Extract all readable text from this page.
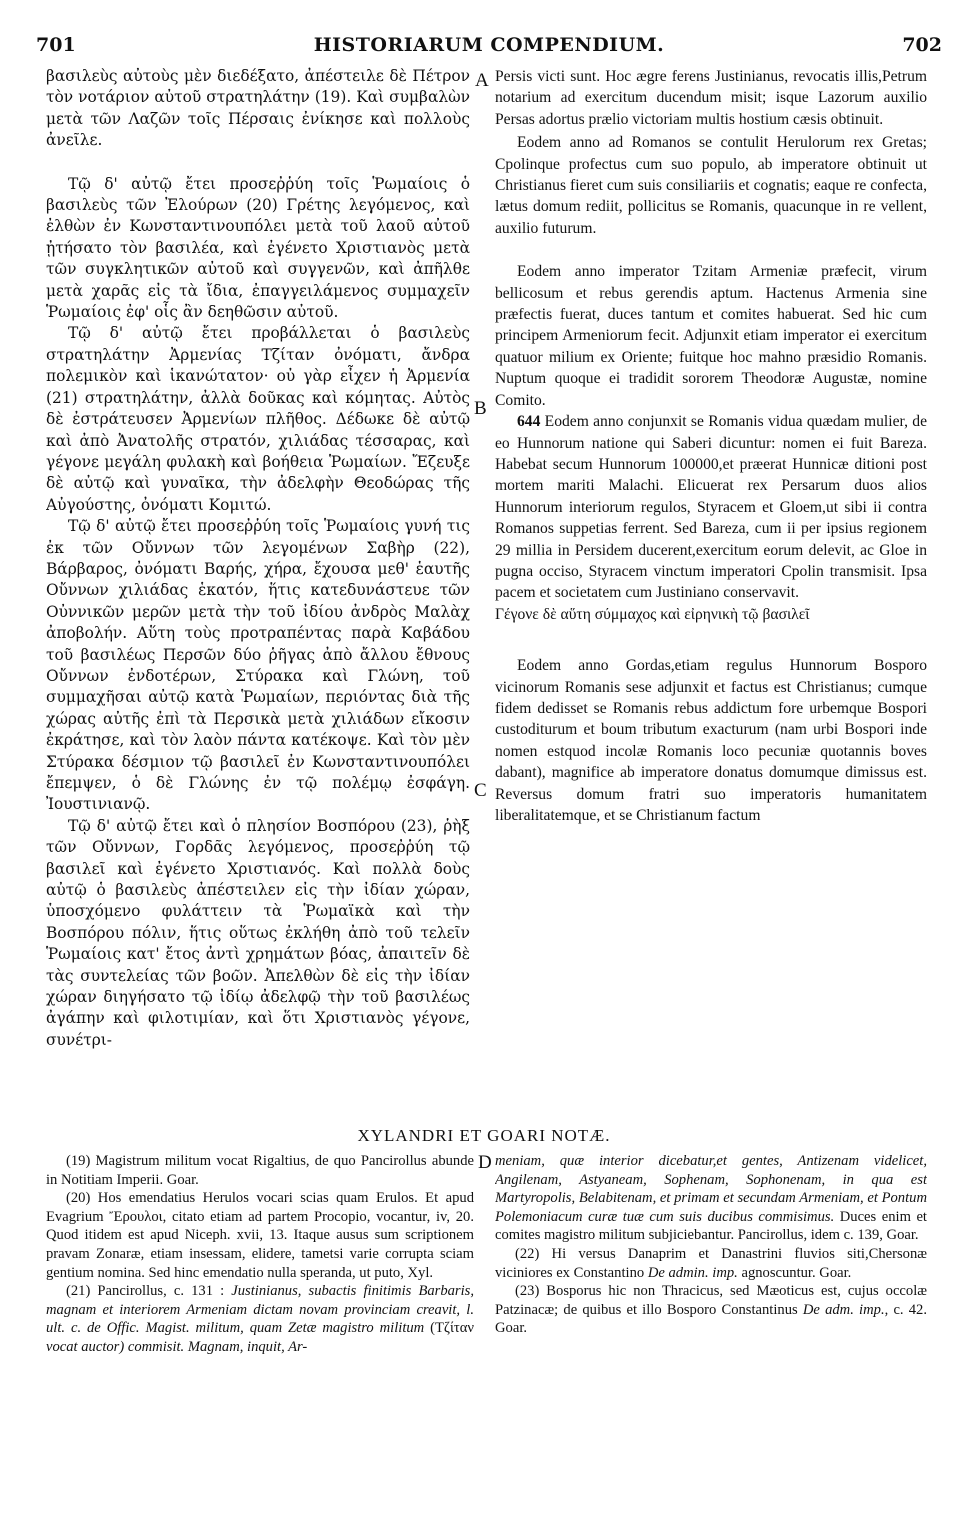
701	HISTORIARUM COMPENDIUM.	702
A
B
C
D

βασιλεὺς αὐτοὺς μὲν διεδέξατο, ἀπέστειλε δὲ Πέτρον τὸν νοτάριον αὐτοῦ στρατηλάτην (19). Καὶ συμβαλὼν μετὰ τῶν Λαζῶν τοῖς Πέρσαις ἐνίκησε καὶ πολλοὺς ἀνεῖλε.

Τῷ δ' αὐτῷ ἔτει προσεῤῥύη τοῖς Ῥωμαίοις ὁ βασιλεὺς τῶν Ἐλούρων (20) Γρέτης λεγόμενος, καὶ ἐλθὼν ἐν Κωνσταντινουπόλει μετὰ τοῦ λαοῦ αὐτοῦ ᾐτήσατο τὸν βασιλέα, καὶ ἐγένετο Χριστιανὸς μετὰ τῶν συγκλητικῶν αὐτοῦ καὶ συγγενῶν, καὶ ἀπῆλθε μετὰ χαρᾶς εἰς τὰ ἴδια, ἐπαγγειλάμενος συμμαχεῖν Ῥωμαίοις ἐφ' οἷς ἂν δεηθῶσιν αὐτοῦ.

Τῷ δ' αὐτῷ ἔτει προβάλλεται ὁ βασιλεὺς στρατηλάτην Ἀρμενίας Τζίταν ὀνόματι, ἄνδρα πολεμικὸν καὶ ἱκανώτατον· οὐ γὰρ εἶχεν ἡ Ἀρμενία (21) στρατηλάτην, ἀλλὰ δοῦκας καὶ κόμητας. Αὐτὸς δὲ ἐστράτευσεν Ἀρμενίων πλῆθος. Δέδωκε δὲ αὐτῷ καὶ ἀπὸ Ἀνατολῆς στρατόν, χιλιάδας τέσσαρας, καὶ γέγονε μεγάλη φυλακὴ καὶ βοήθεια Ῥωμαίων. Ἔζευξε δὲ αὐτῷ καὶ γυναῖκα, τὴν ἀδελφὴν Θεοδώρας τῆς Αὐγούστης, ὀνόματι Κομιτώ.

Τῷ δ' αὐτῷ ἔτει προσεῤῥύη τοῖς Ῥωμαίοις γυνή τις ἐκ τῶν Οὔννων τῶν λεγομένων Σαβὴρ (22), Βάρβαρος, ὀνόματι Βαρής, χήρα, ἔχουσα μεθ' ἑαυτῆς Οὔννων χιλιάδας ἑκατόν, ἥτις κατεδυνάστευε τῶν Οὐννικῶν μερῶν μετὰ τὴν τοῦ ἰδίου ἀνδρὸς Μαλὰχ ἀποβολήν. Αὕτη τοὺς προτραπέντας παρὰ Καβάδου τοῦ βασιλέως Περσῶν δύο ῥῆγας ἀπὸ ἄλλου ἔθνους Οὔννων ἐνδοτέρων, Στύρακα καὶ Γλώνη, τοῦ συμμαχῆσαι αὐτῷ κατὰ Ῥωμαίων, περιόντας διὰ τῆς χώρας αὐτῆς ἐπὶ τὰ Περσικὰ μετὰ χιλιάδων εἴκοσιν ἐκράτησε, καὶ τὸν λαὸν πάντα κατέκοψε. Καὶ τὸν μὲν Στύρακα δέσμιον τῷ βασιλεῖ ἐν Κωνσταντινουπόλει ἔπεμψεν, ὁ δὲ Γλώνης ἐν τῷ πολέμῳ ἐσφάγη. Ἰουστινιανῷ.

Τῷ δ' αὐτῷ ἔτει καὶ ὁ πλησίον Βοσπόρου (23), ῥὴξ τῶν Οὔννων, Γορδᾶς λεγόμενος, προσεῤῥύη τῷ βασιλεῖ καὶ ἐγένετο Χριστιανός. Καὶ πολλὰ δοὺς αὐτῷ ὁ βασιλεὺς ἀπέστειλεν εἰς τὴν ἰδίαν χώραν, ὑποσχόμενο φυλάττειν τὰ Ῥωμαϊκὰ καὶ τὴν Βοσπόρου πόλιν, ἥτις οὕτως ἐκλήθη ἀπὸ τοῦ τελεῖν Ῥωμαίοις κατ' ἔτος ἀντὶ χρημάτων βόας, ἀπαιτεῖν δὲ τὰς συντελείας τῶν βοῶν. Ἀπελθὼν δὲ εἰς τὴν ἰδίαν χώραν διηγήσατο τῷ ἰδίῳ ἀδελφῷ τὴν τοῦ βασιλέως ἀγάπην καὶ φιλοτιμίαν, καὶ ὅτι Χριστιανὸς γέγονε, συνέτρι-

Persis victi sunt. Hoc ægre ferens Justinianus, revocatis illis,Petrum notarium ad exercitum ducendum misit; isque Lazorum auxilio Persas adortus prælio victoriam multis hostium cæsis obtinuit.

Eodem anno ad Romanos se contulit Herulorum rex Gretas; Cpolinque profectus cum suo populo, ab imperatore obtinuit ut Christianus fieret cum suis consiliariis et cognatis; eaque re confecta, lætus domum rediit, pollicitus se Romanis, quacunque in re vellent, auxilio futurum.

Eodem anno imperator Tzitam Armeniæ præfecit, virum bellicosum et rebus gerendis aptum. Hactenus Armenia sine præfectis fuerat, duces tantum et comites habuerat. Sed hic cum principem Armeniorum fecit. Adjunxit etiam imperator ei exercitum quatuor milium ex Oriente; fuitque hoc mahno præsidio Romanis. Nuptum quoque ei tradidit sororem Theodoræ Augustæ, nomine Comito.

644 Eodem anno conjunxit se Romanis vidua quædam mulier, de eo Hunnorum natione qui Saberi dicuntur: nomen ei fuit Bareza. Habebat secum Hunnorum 100000,et præerat Hunnicæ ditioni post mortem mariti Malachi. Elicuerat rex Persarum duos alios Hunnorum interiorum regulos, Styracem et Gloem,ut sibi ii contra Romanos suppetias ferrent. Sed Bareza, cum ii per ipsius regionem 29 millia in Persidem ducerent,exercitum eorum delevit, ac Gloe in pugna occiso, Styracem vinctum imperatori Cpolin transmisit. Ipsa pacem et societatem cum Justiniano conservavit.

Γέγονε δὲ αὕτη σύμμαχος καὶ εἰρηνικὴ τῷ βασιλεῖ

Eodem anno Gordas,etiam regulus Hunnorum Bosporo vicinorum Romanis sese adjunxit et factus est Christianus; cumque fidem dedisset se Romanis rebus addictum fore urbemque Bospori custoditurum et boum tributum exacturum (nam urbi Bospori inde nomen estquod incolæ Romanis loco pecuniæ quotannis boves dabant), magnifice ab imperatore donatus domumque dimissus est. Reversus domum fratri suo imperatoris humanitatem liberalitatemque, et se Christianum factum

XYLANDRI ET GOARI NOTÆ.

(19) Magistrum militum vocat Rigaltius, de quo Pancirollus abunde in Notitiam Imperii. Goar.

(20) Hos emendatius Herulos vocari scias quam Erulos. Et apud Evagrium Ἔρουλοι, citato etiam ad partem Procopio, vocantur, iv, 20. Quod itidem est apud Niceph. xvii, 13. Itaque ausus sum scriptionem pravam Zonaræ, etiam insessam, elidere, tametsi varie corrupta sciam gentium nomina. Sed hinc emendatio nulla speranda, ut puto, Xyl.

(21) Pancirollus, c. 131 : Justinianus, subactis finitimis Barbaris, magnam et interiorem Armeniam dictam novam provinciam creavit, l. ult. c. de Offic. Magist. militum, quam Zetæ magistro militum (Τζίταν vocat auctor) commisit. Magnam, inquit, Ar-

meniam, quæ interior dicebatur,et gentes, Antizenam videlicet, Angilenam, Astyaneam, Sophenam, Sophonenam, in qua est Martyropolis, Belabitenam, et primam et secundam Armeniam, et Pontum Polemoniacum curæ tuæ cum suis ducibus commisimus. Duces enim et comites magistro militum subjiciebantur. Pancirollus, idem c. 139, Goar.

(22) Hi versus Danaprim et Danastrini fluvios siti,Chersonæ viciniores ex Constantino De admin. imp. agnoscuntur. Goar.

(23) Bosporus hic non Thracicus, sed Mæoticus est, cujus occolæ Patzinacæ; de quibus et illo Bosporo Constantinus De adm. imp., c. 42. Goar.
